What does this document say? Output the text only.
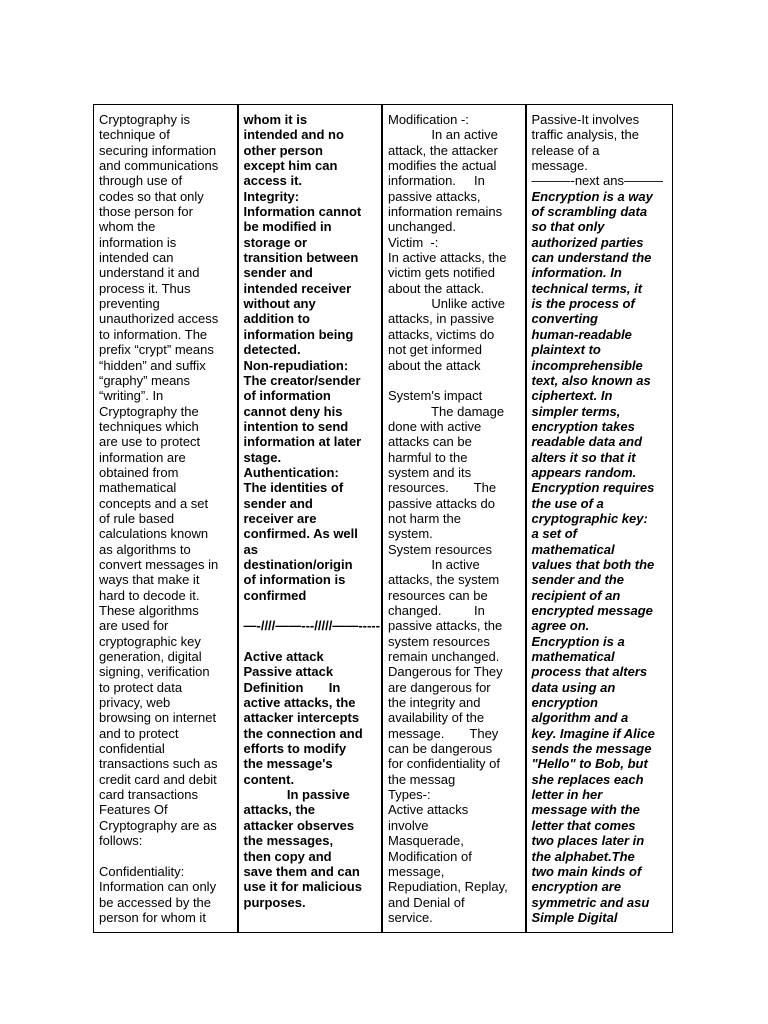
Cryptography is
technique of
securing information
and communications
through use of
codes so that only
those person for
whom the
information is
intended can
understand it and
process it. Thus
preventing
unauthorized access
to information. The
prefix “crypt” means
“hidden” and suffix
“graphy” means
“writing”. In
Cryptography the
techniques which
are use to protect
information are
obtained from
mathematical
concepts and a set
of rule based
calculations known
as algorithms to
convert messages in
ways that make it
hard to decode it.
These algorithms
are used for
cryptographic key
generation, digital
signing, verification
to protect data
privacy, web
browsing on internet
and to protect
confidential
transactions such as
credit card and debit
card transactions
Features Of
Cryptography are as
follows:
Confidentiality:
Information can only
be accessed by the
person for whom it
whom it is
intended and no
other person
except him can
access it.
Integrity:
Information cannot
be modified in
storage or
transition between
sender and
intended receiver
without any
addition to
information being
detected.
Non-repudiation:
The creator/sender
of information
cannot deny his
intention to send
information at later
stage.
Authentication:
The identities of
sender and
receiver are
confirmed. As well
as
destination/origin
of information is
confirmed
—-////——---/////——-----
Active attack
Passive attack
Definition       In
active attacks, the
attacker intercepts
the connection and
efforts to modify
the message's
content.
In passive
attacks, the
attacker observes
the messages,
then copy and
save them and can
use it for malicious
purposes.
Modification -:
In an active
attack, the attacker
modifies the actual
information.     In
passive attacks,
information remains
unchanged.
Victim  -:
In active attacks, the
victim gets notified
about the attack.
Unlike active
attacks, in passive
attacks, victims do
not get informed
about the attack
System's impact
The damage
done with active
attacks can be
harmful to the
system and its
resources.       The
passive attacks do
not harm the
system.
System resources
In active
attacks, the system
resources can be
changed.         In
passive attacks, the
system resources
remain unchanged.
Dangerous for They
are dangerous for
the integrity and
availability of the
message.       They
can be dangerous
for confidentiality of
the messag
Types-:
Active attacks
involve
Masquerade,
Modification of
message,
Repudiation, Replay,
and Denial of
service.
Passive-It involves
traffic analysis, the
release of a
message.
———-next ans———
Encryption is a way
of scrambling data
so that only
authorized parties
can understand the
information. In
technical terms, it
is the process of
converting
human-readable
plaintext to
incomprehensible
text, also known as
ciphertext. In
simpler terms,
encryption takes
readable data and
alters it so that it
appears random.
Encryption requires
the use of a
cryptographic key:
a set of
mathematical
values that both the
sender and the
recipient of an
encrypted message
agree on.
Encryption is a
mathematical
process that alters
data using an
encryption
algorithm and a
key. Imagine if Alice
sends the message
"Hello" to Bob, but
she replaces each
letter in her
message with the
letter that comes
two places later in
the alphabet.The
two main kinds of
encryption are
symmetric and asu
Simple Digital
